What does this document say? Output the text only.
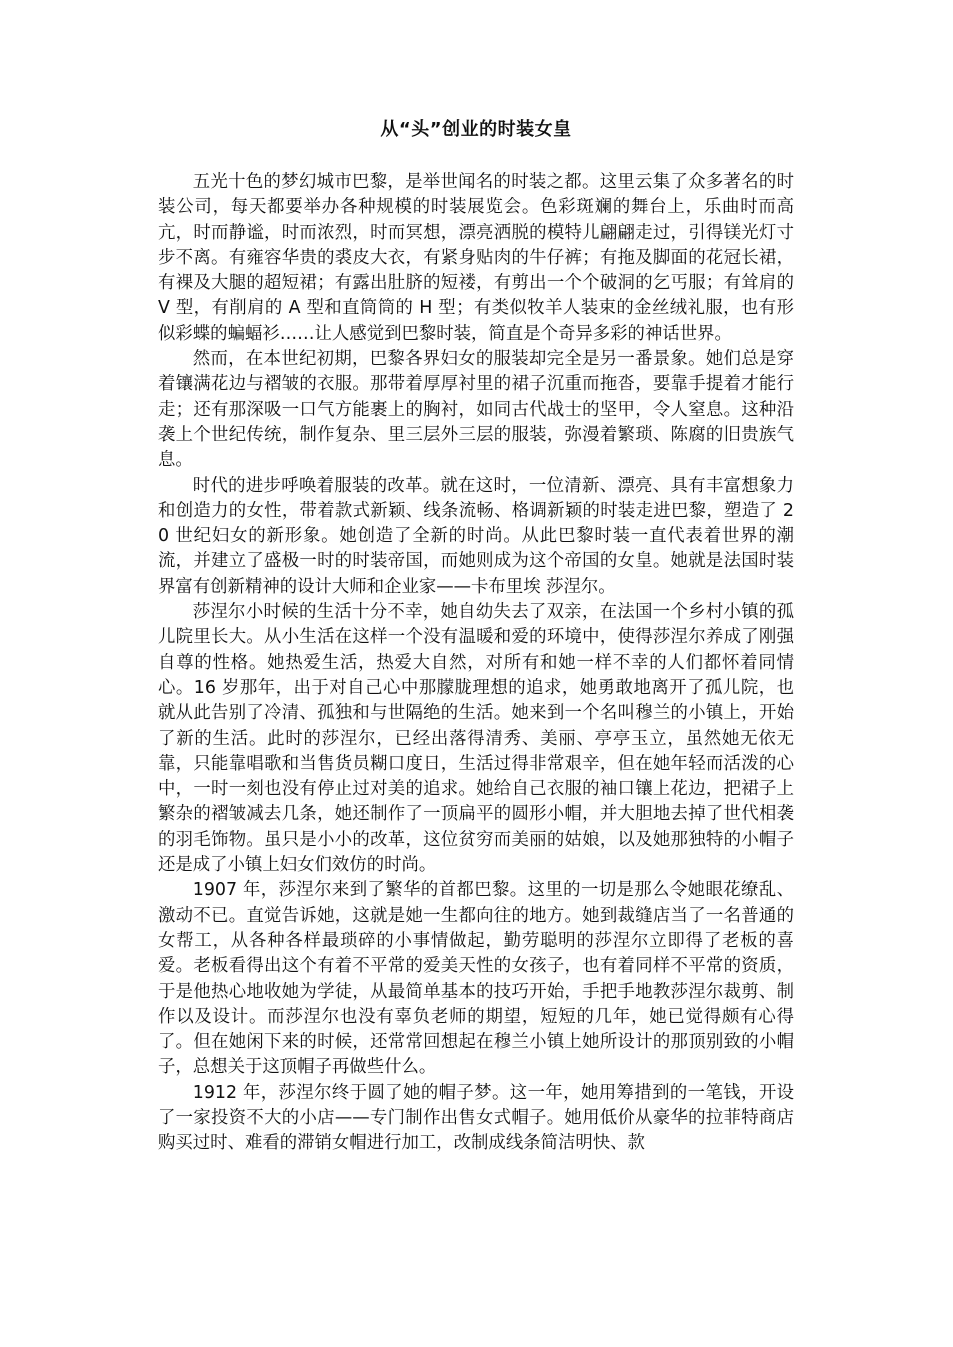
从“头”创业的时装女皇

五光十色的梦幻城市巴黎，是举世闻名的时装之都。这里云集了众多著名的时装公司，每天都要举办各种规模的时装展览会。色彩斑斓的舞台上，乐曲时而高亢，时而静谧，时而浓烈，时而冥想，漂亮洒脱的模特儿翩翩走过，引得镁光灯寸步不离。有雍容华贵的裘皮大衣，有紧身贴肉的牛仔裤；有拖及脚面的花冠长裙，有裸及大腿的超短裙；有露出肚脐的短褛，有剪出一个个破洞的乞丐服；有耸肩的 V 型，有削肩的 A 型和直筒筒的 H 型；有类似牧羊人装束的金丝绒礼服，也有形似彩蝶的蝙蝠衫……让人感觉到巴黎时装，简直是个奇异多彩的神话世界。

然而，在本世纪初期，巴黎各界妇女的服装却完全是另一番景象。她们总是穿着镶满花边与褶皱的衣服。那带着厚厚衬里的裙子沉重而拖沓，要靠手提着才能行走；还有那深吸一口气方能裹上的胸衬，如同古代战士的坚甲，令人窒息。这种沿袭上个世纪传统，制作复杂、里三层外三层的服装，弥漫着繁琐、陈腐的旧贵族气息。

时代的进步呼唤着服装的改革。就在这时，一位清新、漂亮、具有丰富想象力和创造力的女性，带着款式新颖、线条流畅、格调新颖的时装走进巴黎，塑造了 20 世纪妇女的新形象。她创造了全新的时尚。从此巴黎时装一直代表着世界的潮流，并建立了盛极一时的时装帝国，而她则成为这个帝国的女皇。她就是法国时装界富有创新精神的设计大师和企业家——卡布里埃 莎涅尔。

莎涅尔小时候的生活十分不幸，她自幼失去了双亲，在法国一个乡村小镇的孤儿院里长大。从小生活在这样一个没有温暖和爱的环境中，使得莎涅尔养成了刚强自尊的性格。她热爱生活，热爱大自然，对所有和她一样不幸的人们都怀着同情心。16 岁那年，出于对自己心中那朦胧理想的追求，她勇敢地离开了孤儿院，也就从此告别了冷清、孤独和与世隔绝的生活。她来到一个名叫穆兰的小镇上，开始了新的生活。此时的莎涅尔，已经出落得清秀、美丽、亭亭玉立，虽然她无依无靠，只能靠唱歌和当售货员糊口度日，生活过得非常艰辛，但在她年轻而活泼的心中，一时一刻也没有停止过对美的追求。她给自己衣服的袖口镶上花边，把裙子上繁杂的褶皱减去几条，她还制作了一顶扁平的圆形小帽，并大胆地去掉了世代相袭的羽毛饰物。虽只是小小的改革，这位贫穷而美丽的姑娘，以及她那独特的小帽子还是成了小镇上妇女们效仿的时尚。

1907 年，莎涅尔来到了繁华的首都巴黎。这里的一切是那么令她眼花缭乱、激动不已。直觉告诉她，这就是她一生都向往的地方。她到裁缝店当了一名普通的女帮工，从各种各样最琐碎的小事情做起，勤劳聪明的莎涅尔立即得了老板的喜爱。老板看得出这个有着不平常的爱美天性的女孩子，也有着同样不平常的资质，于是他热心地收她为学徒，从最简单基本的技巧开始，手把手地教莎涅尔裁剪、制作以及设计。而莎涅尔也没有辜负老师的期望，短短的几年，她已觉得颇有心得了。但在她闲下来的时候，还常常回想起在穆兰小镇上她所设计的那顶别致的小帽子，总想关于这顶帽子再做些什么。

1912 年，莎涅尔终于圆了她的帽子梦。这一年，她用筹措到的一笔钱，开设了一家投资不大的小店——专门制作出售女式帽子。她用低价从豪华的拉菲特商店购买过时、难看的滞销女帽进行加工，改制成线条简洁明快、款
